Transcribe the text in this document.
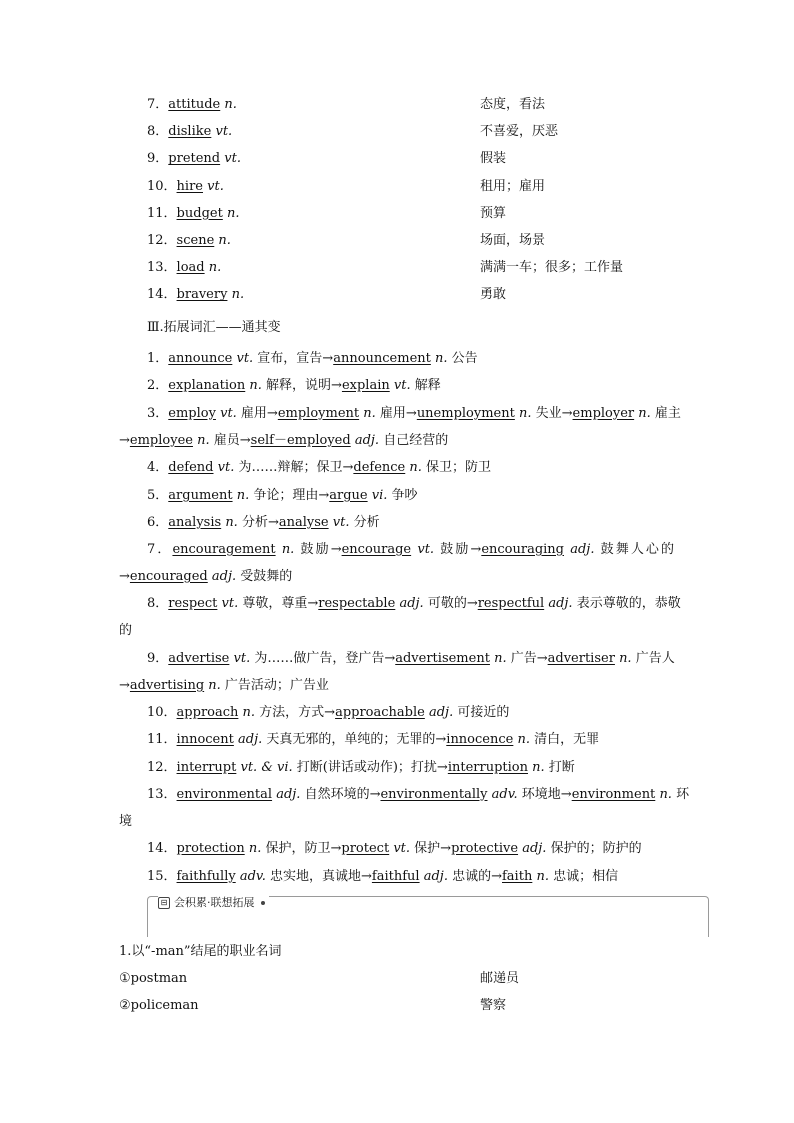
7．attitude n.	态度，看法
8．dislike vt.	不喜爱，厌恶
9．pretend vt.	假装
10．hire vt.	租用；雇用
11．budget n.	预算
12．scene n.	场面，场景
13．load n.	满满一车；很多；工作量
14．bravery n.	勇敢
Ⅲ.拓展词汇——通其变
1．announce vt. 宣布，宣告→announcement n. 公告
2．explanation n. 解释，说明→explain vt. 解释
3．employ vt. 雇用→employment n. 雇用→unemployment n. 失业→employer n. 雇主
→employee n. 雇员→self－employed adj. 自己经营的
4．defend vt. 为……辩解；保卫→defence n. 保卫；防卫
5．argument n. 争论；理由→argue vi. 争吵
6．analysis n. 分析→analyse vt. 分析
7．encouragement n. 鼓励→encourage vt. 鼓励→encouraging adj. 鼓舞人心的
→encouraged adj. 受鼓舞的
8．respect vt. 尊敬，尊重→respectable adj. 可敬的→respectful adj. 表示尊敬的，恭敬
的
9．advertise vt. 为……做广告，登广告→advertisement n. 广告→advertiser n. 广告人
→advertising n. 广告活动；广告业
10．approach n. 方法，方式→approachable adj. 可接近的
11．innocent adj. 天真无邪的，单纯的；无罪的→innocence n. 清白，无罪
12．interrupt vt. & vi. 打断(讲话或动作)；打扰→interruption n. 打断
13．environmental adj. 自然环境的→environmentally adv. 环境地→environment n. 环
境
14．protection n. 保护，防卫→protect vt. 保护→protective adj. 保护的；防护的
15．faithfully adv. 忠实地，真诚地→faithful adj. 忠诚的→faith n. 忠诚；相信
⊟ 会积累·联想拓展
1.以“-man”结尾的职业名词
①postman	邮递员
②policeman	警察
